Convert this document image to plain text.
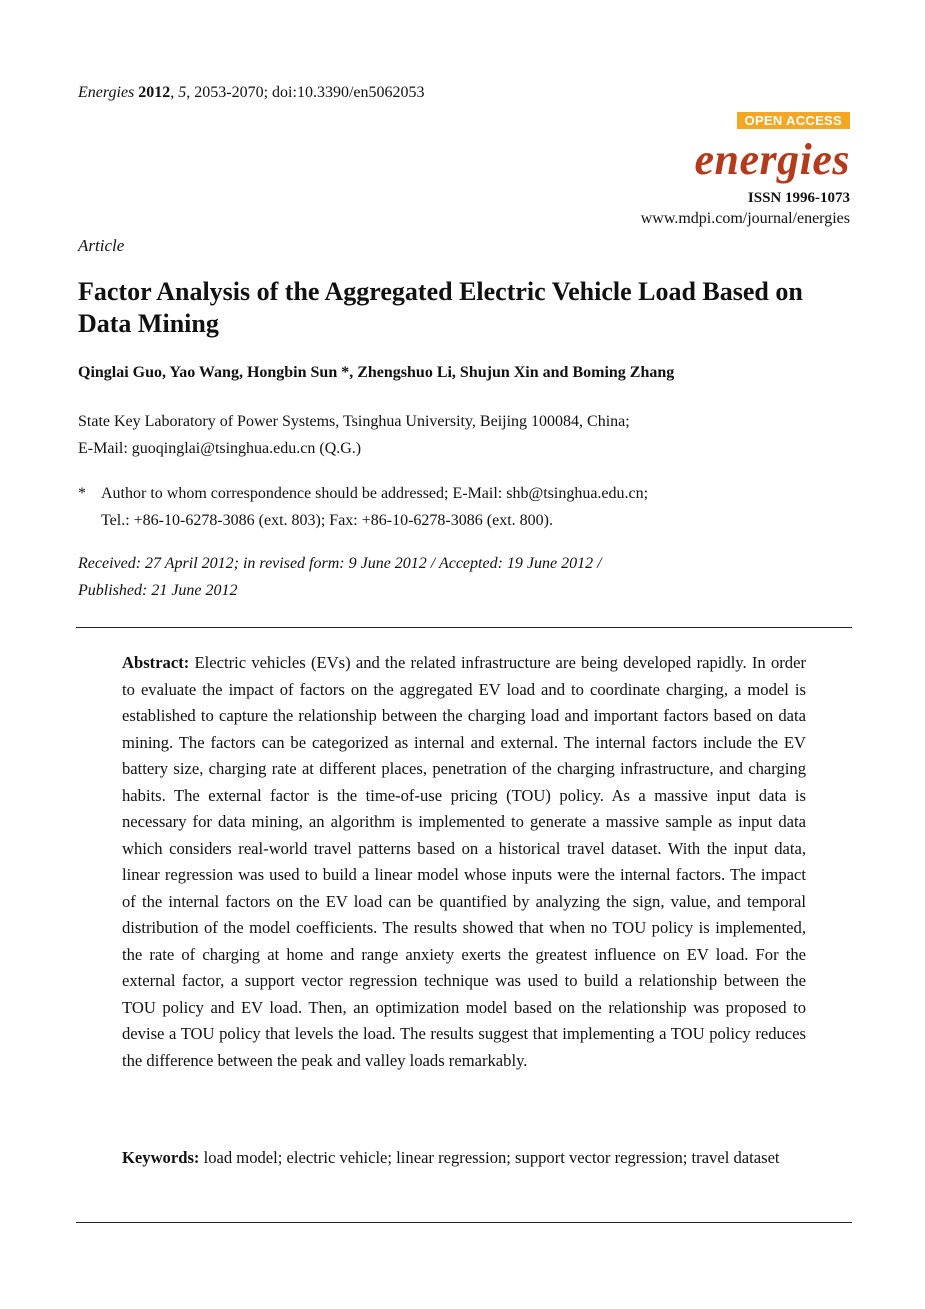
Energies 2012, 5, 2053-2070; doi:10.3390/en5062053
OPEN ACCESS
energies
ISSN 1996-1073
www.mdpi.com/journal/energies
Article
Factor Analysis of the Aggregated Electric Vehicle Load Based on Data Mining
Qinglai Guo, Yao Wang, Hongbin Sun *, Zhengshuo Li, Shujun Xin and Boming Zhang
State Key Laboratory of Power Systems, Tsinghua University, Beijing 100084, China;
E-Mail: guoqinglai@tsinghua.edu.cn (Q.G.)
* Author to whom correspondence should be addressed; E-Mail: shb@tsinghua.edu.cn;
Tel.: +86-10-6278-3086 (ext. 803); Fax: +86-10-6278-3086 (ext. 800).
Received: 27 April 2012; in revised form: 9 June 2012 / Accepted: 19 June 2012 /
Published: 21 June 2012
Abstract: Electric vehicles (EVs) and the related infrastructure are being developed rapidly. In order to evaluate the impact of factors on the aggregated EV load and to coordinate charging, a model is established to capture the relationship between the charging load and important factors based on data mining. The factors can be categorized as internal and external. The internal factors include the EV battery size, charging rate at different places, penetration of the charging infrastructure, and charging habits. The external factor is the time-of-use pricing (TOU) policy. As a massive input data is necessary for data mining, an algorithm is implemented to generate a massive sample as input data which considers real-world travel patterns based on a historical travel dataset. With the input data, linear regression was used to build a linear model whose inputs were the internal factors. The impact of the internal factors on the EV load can be quantified by analyzing the sign, value, and temporal distribution of the model coefficients. The results showed that when no TOU policy is implemented, the rate of charging at home and range anxiety exerts the greatest influence on EV load. For the external factor, a support vector regression technique was used to build a relationship between the TOU policy and EV load. Then, an optimization model based on the relationship was proposed to devise a TOU policy that levels the load. The results suggest that implementing a TOU policy reduces the difference between the peak and valley loads remarkably.
Keywords: load model; electric vehicle; linear regression; support vector regression; travel dataset
